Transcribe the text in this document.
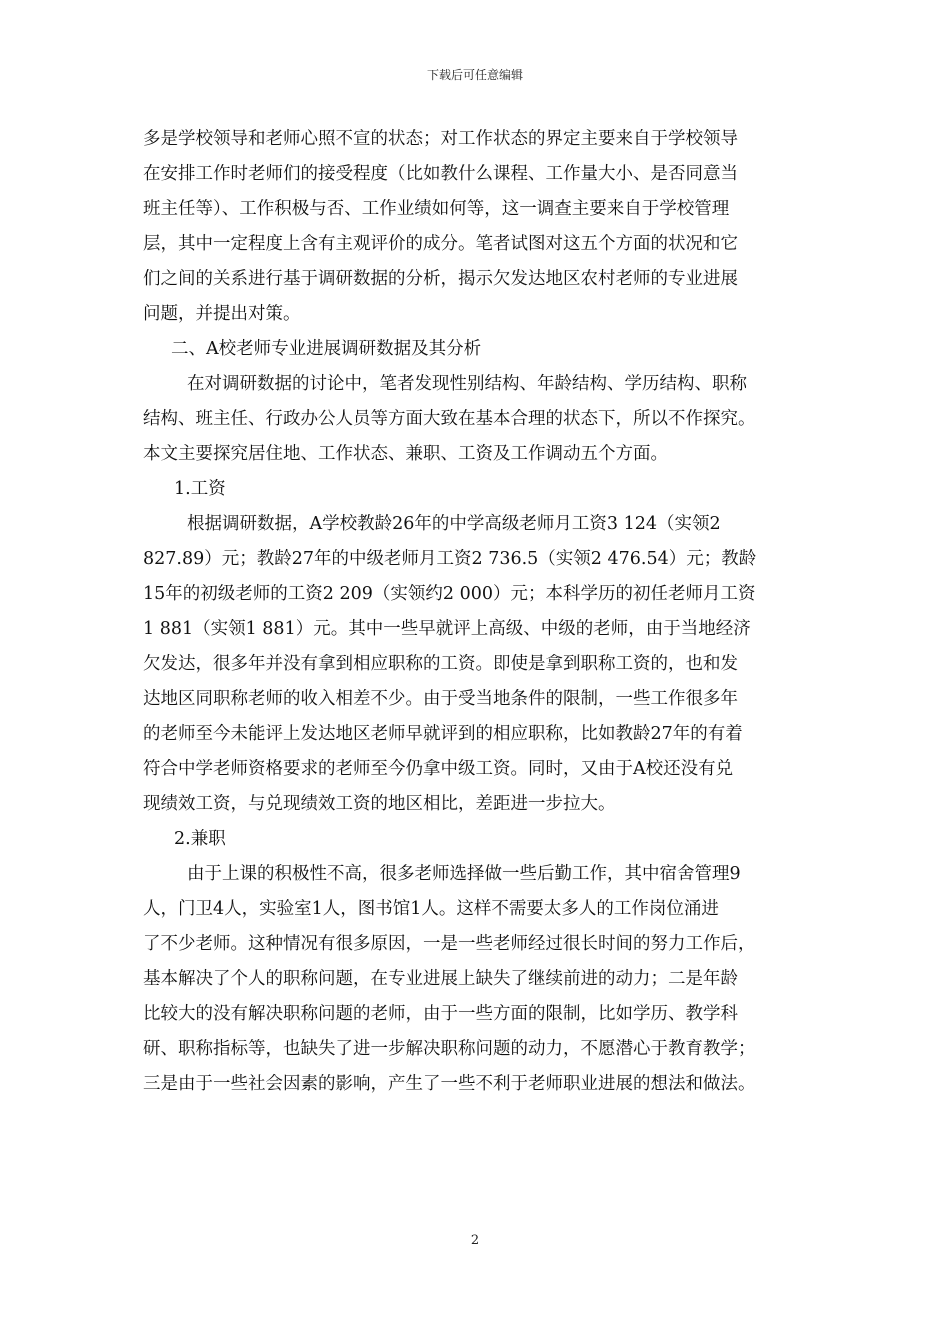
下载后可任意编辑
多是学校领导和老师心照不宣的状态；对工作状态的界定主要来自于学校领导
在安排工作时老师们的接受程度（比如教什么课程、工作量大小、是否同意当
班主任等）、工作积极与否、工作业绩如何等，这一调查主要来自于学校管理
层，其中一定程度上含有主观评价的成分。笔者试图对这五个方面的状况和它
们之间的关系进行基于调研数据的分析，揭示欠发达地区农村老师的专业进展
问题，并提出对策。
二、A校老师专业进展调研数据及其分析
在对调研数据的讨论中，笔者发现性别结构、年龄结构、学历结构、职称
结构、班主任、行政办公人员等方面大致在基本合理的状态下，所以不作探究。
本文主要探究居住地、工作状态、兼职、工资及工作调动五个方面。
1.工资
根据调研数据，A学校教龄26年的中学高级老师月工资3 124（实领2
827.89）元；教龄27年的中级老师月工资2 736.5（实领2 476.54）元；教龄
15年的初级老师的工资2 209（实领约2 000）元；本科学历的初任老师月工资
1 881（实领1 881）元。其中一些早就评上高级、中级的老师，由于当地经济
欠发达，很多年并没有拿到相应职称的工资。即使是拿到职称工资的，也和发
达地区同职称老师的收入相差不少。由于受当地条件的限制，一些工作很多年
的老师至今未能评上发达地区老师早就评到的相应职称，比如教龄27年的有着
符合中学老师资格要求的老师至今仍拿中级工资。同时，又由于A校还没有兑
现绩效工资，与兑现绩效工资的地区相比，差距进一步拉大。
2.兼职
由于上课的积极性不高，很多老师选择做一些后勤工作，其中宿舍管理9
人，门卫4人，实验室1人，图书馆1人。这样不需要太多人的工作岗位涌进
了不少老师。这种情况有很多原因，一是一些老师经过很长时间的努力工作后，
基本解决了个人的职称问题，在专业进展上缺失了继续前进的动力；二是年龄
比较大的没有解决职称问题的老师，由于一些方面的限制，比如学历、教学科
研、职称指标等，也缺失了进一步解决职称问题的动力，不愿潜心于教育教学；
三是由于一些社会因素的影响，产生了一些不利于老师职业进展的想法和做法。
2
